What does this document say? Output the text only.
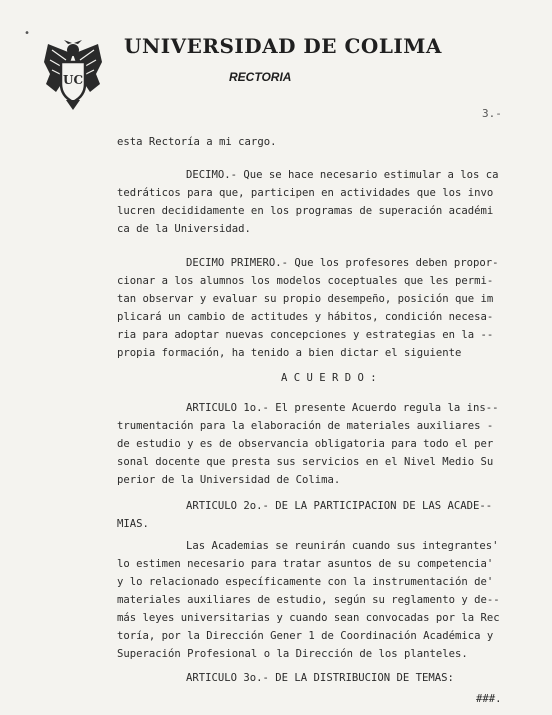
•
UC
UNIVERSIDAD DE COLIMA
RECTORIA
3.-
esta Rectoría a mi cargo.
DECIMO.- Que se hace necesario estimular a los ca
tedráticos para que, participen en actividades que los invo
lucren decididamente en los programas de superación académi
ca de la Universidad.
DECIMO PRIMERO.- Que los profesores deben propor-
cionar a los alumnos los modelos coceptuales que les permi-
tan observar y evaluar su propio desempeño, posición que im
plicará un cambio de actitudes y hábitos, condición necesa-
ria para adoptar nuevas concepciones y estrategias en la --
propia formación, ha tenido a bien dictar el siguiente
A C U E R D O :
ARTICULO 1o.- El presente Acuerdo regula la ins--
trumentación para la elaboración de materiales auxiliares -
de estudio y es de observancia obligatoria para todo el per
sonal docente que presta sus servicios en el Nivel Medio Su
perior de la Universidad de Colima.
ARTICULO 2o.- DE LA PARTICIPACION DE LAS ACADE--
MIAS.
Las Academias se reunirán cuando sus integrantes'
lo estimen necesario para tratar asuntos de su competencia'
y lo relacionado específicamente con la instrumentación de'
materiales auxiliares de estudio, según su reglamento y de--
más leyes universitarias y cuando sean convocadas por la Rec
toría, por la Dirección Gener 1 de Coordinación Académica y
Superación Profesional o la Dirección de los planteles.
ARTICULO 3o.- DE LA DISTRIBUCION DE TEMAS:
###.
